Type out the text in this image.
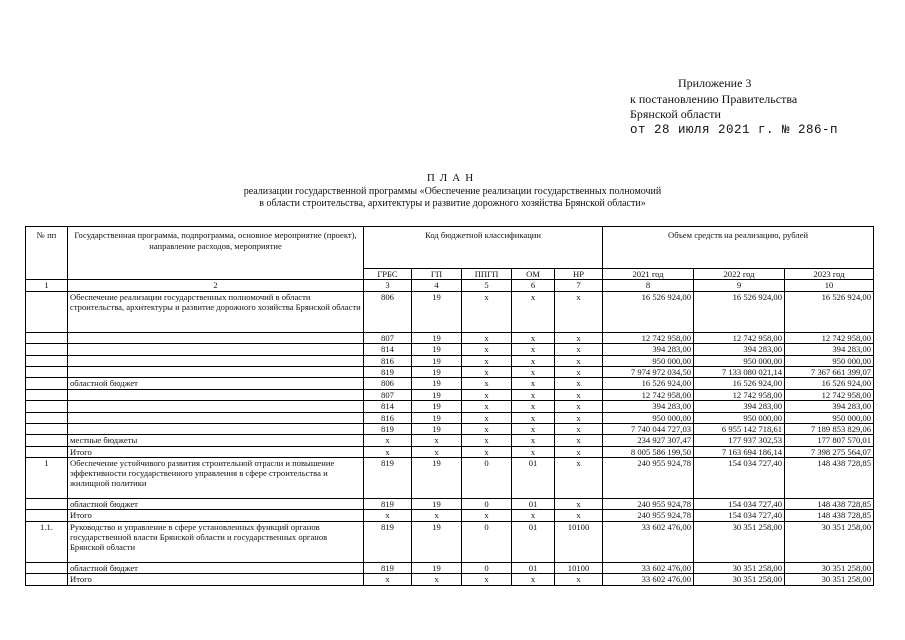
Приложение 3
к постановлению Правительства
Брянской области
от 28 июля 2021 г. № 286-п
ПЛАН
реализации государственной программы «Обеспечение реализации государственных полномочий
в области строительства, архитектуры и развитие дорожного хозяйства Брянской области»
№ пп	Государственная программа, подпрограмма, основное мероприятие (проект), направление расходов, мероприятие	Код бюджетной классификации					Объем средств на реализацию, рублей		
		ГРБС	ГП	ППГП	ОМ	НР	2021 год	2022 год	2023 год
1	2	3	4	5	6	7	8	9	10
	Обеспечение реализации государственных полномочий в области строительства, архитектуры и развитие дорожного хозяйства Брянской области	806	19	х	х	х	16 526 924,00	16 526 924,00	16 526 924,00
		807	19	х	х	х	12 742 958,00	12 742 958,00	12 742 958,00
		814	19	х	х	х	394 283,00	394 283,00	394 283,00
		816	19	х	х	х	950 000,00	950 000,00	950 000,00
		819	19	х	х	х	7 974 972 034,50	7 133 080 021,14	7 367 661 399,07
	областной бюджет	806	19	х	х	х	16 526 924,00	16 526 924,00	16 526 924,00
		807	19	х	х	х	12 742 958,00	12 742 958,00	12 742 958,00
		814	19	х	х	х	394 283,00	394 283,00	394 283,00
		816	19	х	х	х	950 000,00	950 000,00	950 000,00
		819	19	х	х	х	7 740 044 727,03	6 955 142 718,61	7 189 853 829,06
	местные бюджеты	х	х	х	х	х	234 927 307,47	177 937 302,53	177 807 570,01
	Итого	х	х	х	х	х	8 005 586 199,50	7 163 694 186,14	7 398 275 564,07
1	Обеспечение устойчивого развития строительной отрасли и повышение эффективности государственного управления в сфере строительства и жилищной политики	819	19	0	01	х	240 955 924,78	154 034 727,40	148 438 728,85
	областной бюджет	819	19	0	01	х	240 955 924,78	154 034 727,40	148 438 728,85
	Итого	х	х	х	х	х	240 955 924,78	154 034 727,40	148 438 728,85
1.1.	Руководство и управление в сфере установленных функций органов государственной власти Брянской области и государственных органов Брянской области	819	19	0	01	10100	33 602 476,00	30 351 258,00	30 351 258,00
	областной бюджет	819	19	0	01	10100	33 602 476,00	30 351 258,00	30 351 258,00
	Итого	х	х	х	х	х	33 602 476,00	30 351 258,00	30 351 258,00
